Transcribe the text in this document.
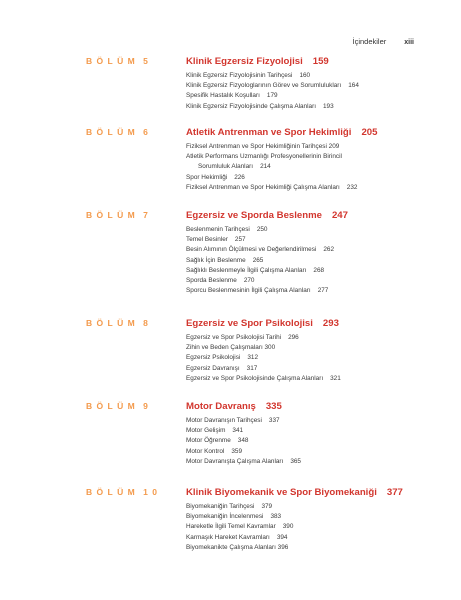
İçindekiler	xiii
BÖLÜM 5	Klinik Egzersiz Fizyolojisi 159
Klinik Egzersiz Fizyolojisinin Tarihçesi 160
Klinik Egzersiz Fizyologlarının Görev ve Sorumlulukları 164
Spesifik Hastalık Koşulları 179
Klinik Egzersiz Fizyolojisinde Çalışma Alanları 193
BÖLÜM 6	Atletik Antrenman ve Spor Hekimliği 205
Fiziksel Antrenman ve Spor Hekimliğinin Tarihçesi 209
Atletik Performans Uzmanlığı Profesyonellerinin Birincil
Sorumluluk Alanları 214
Spor Hekimliği 226
Fiziksel Antrenman ve Spor Hekimliği Çalışma Alanları 232
BÖLÜM 7	Egzersiz ve Sporda Beslenme 247
Beslenmenin Tarihçesi 250
Temel Besinler 257
Besin Alımının Ölçülmesi ve Değerlendirilmesi 262
Sağlık İçin Beslenme 265
Sağlıklı Beslenmeyle İlgili Çalışma Alanları 268
Sporda Beslenme 270
Sporcu Beslenmesinin İlgili Çalışma Alanları 277
BÖLÜM 8	Egzersiz ve Spor Psikolojisi 293
Egzersiz ve Spor Psikolojisi Tarihi 296
Zihin ve Beden Çalışmaları 300
Egzersiz Psikolojisi 312
Egzersiz Davranışı 317
Egzersiz ve Spor Psikolojisinde Çalışma Alanları 321
BÖLÜM 9	Motor Davranış 335
Motor Davranışın Tarihçesi 337
Motor Gelişim 341
Motor Öğrenme 348
Motor Kontrol 359
Motor Davranışta Çalışma Alanları 365
BÖLÜM 10	Klinik Biyomekanik ve Spor Biyomekaniği 377
Biyomekaniğin Tarihçesi 379
Biyomekaniğin İncelenmesi 383
Hareketle İlgili Temel Kavramlar 390
Karmaşık Hareket Kavramları 394
Biyomekanikte Çalışma Alanları 396
